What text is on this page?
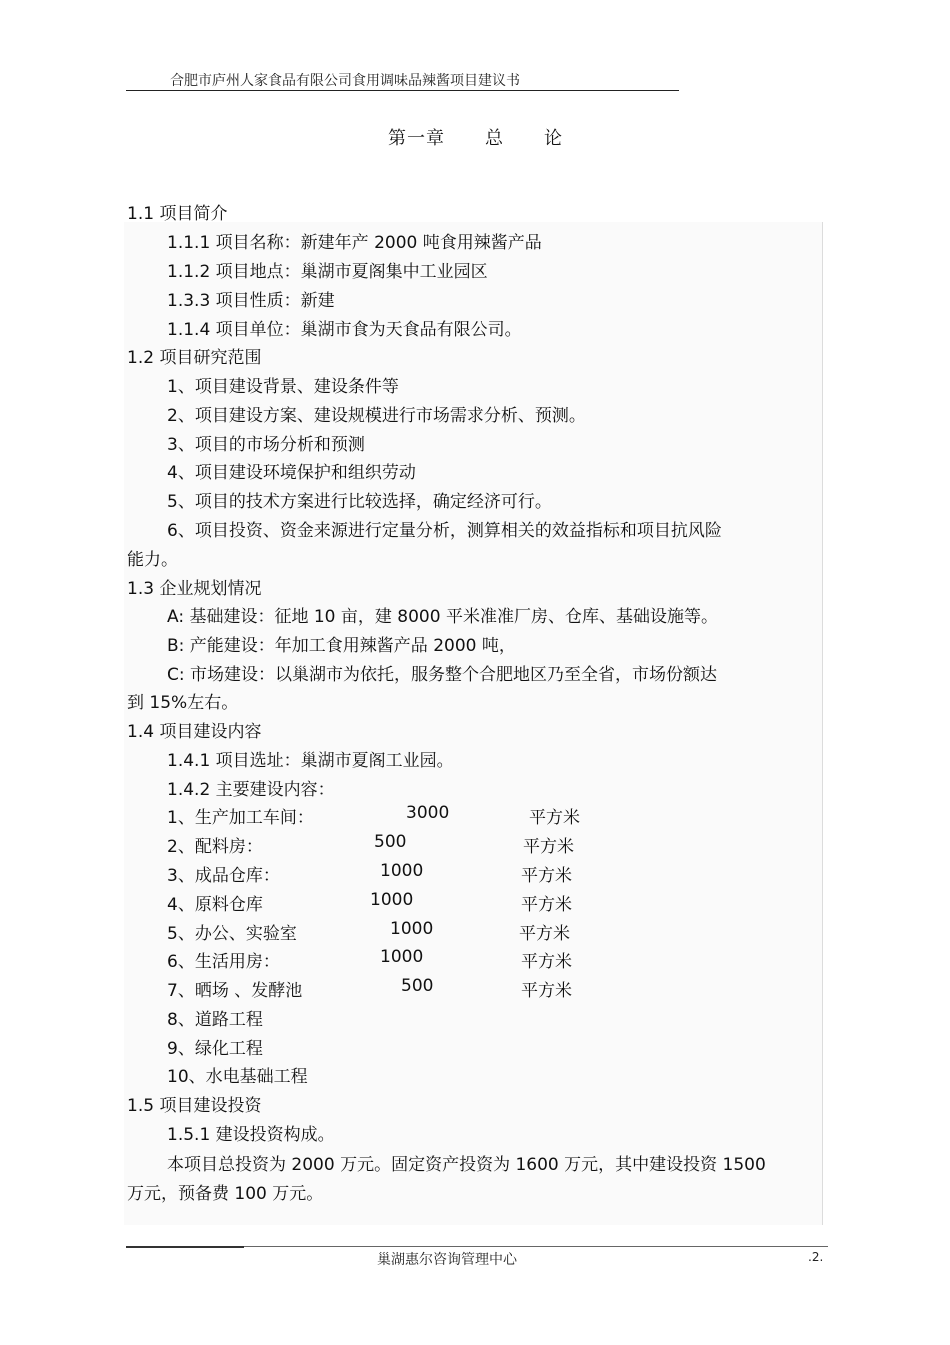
合肥市庐州人家食品有限公司食用调味品辣酱项目建议书
第一章 总 论
1.1 项目简介
1.1.1 项目名称：新建年产 2000 吨食用辣酱产品
1.1.2 项目地点：巢湖市夏阁集中工业园区
1.3.3 项目性质：新建
1.1.4 项目单位：巢湖市食为天食品有限公司。
1.2 项目研究范围
1、项目建设背景、建设条件等
2、项目建设方案、建设规模进行市场需求分析、预测。
3、项目的市场分析和预测
4、项目建设环境保护和组织劳动
5、项目的技术方案进行比较选择，确定经济可行。
6、项目投资、资金来源进行定量分析，测算相关的效益指标和项目抗风险
能力。
1.3 企业规划情况
A: 基础建设：征地 10 亩，建 8000 平米准准厂房、仓库、基础设施等。
B: 产能建设：年加工食用辣酱产品 2000 吨，
C: 市场建设：以巢湖市为依托，服务整个合肥地区乃至全省，市场份额达
到 15%左右。
1.4 项目建设内容
1.4.1 项目选址：巢湖市夏阁工业园。
1.4.2 主要建设内容：
1、生产加工车间：	3000	平方米
2、配料房：	500	平方米
3、成品仓库：	1000	平方米
4、原料仓库	1000	平方米
5、办公、实验室	1000	平方米
6、生活用房：	1000	平方米
7、晒场 、发酵池	500	平方米
8、道路工程
9、绿化工程
10、水电基础工程
1.5 项目建设投资
1.5.1 建设投资构成。
本项目总投资为 2000 万元。固定资产投资为 1600 万元，其中建设投资 1500
万元，预备费 100 万元。
巢湖惠尔咨询管理中心	.2.
